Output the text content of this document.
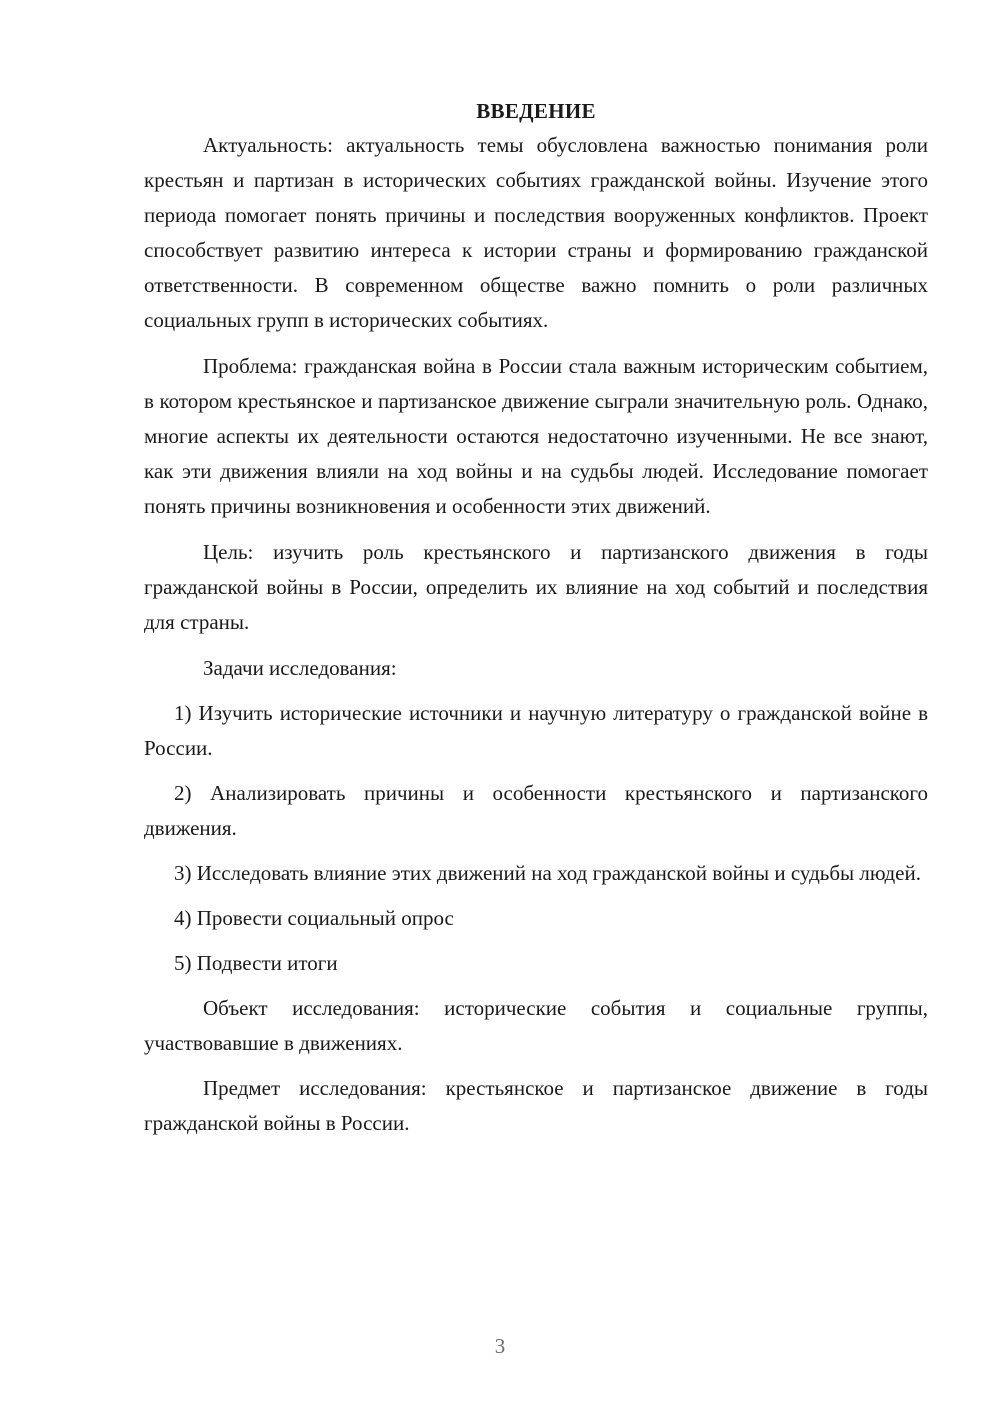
ВВЕДЕНИЕ

Актуальность: актуальность темы обусловлена важностью понимания роли крестьян и партизан в исторических событиях гражданской войны. Изучение этого периода помогает понять причины и последствия вооруженных конфликтов. Проект способствует развитию интереса к истории страны и формированию гражданской ответственности. В современном обществе важно помнить о роли различных социальных групп в исторических событиях.

Проблема: гражданская война в России стала важным историческим событием, в котором крестьянское и партизанское движение сыграли значительную роль. Однако, многие аспекты их деятельности остаются недостаточно изученными. Не все знают, как эти движения влияли на ход войны и на судьбы людей. Исследование помогает понять причины возникновения и особенности этих движений.

Цель: изучить роль крестьянского и партизанского движения в годы гражданской войны в России, определить их влияние на ход событий и последствия для страны.

Задачи исследования:

1) Изучить исторические источники и научную литературу о гражданской войне в России.

2) Анализировать причины и особенности крестьянского и партизанского движения.

3) Исследовать влияние этих движений на ход гражданской войны и судьбы людей.

4) Провести социальный опрос

5) Подвести итоги

Объект исследования: исторические события и социальные группы, участвовавшие в движениях.

Предмет исследования: крестьянское и партизанское движение в годы гражданской войны в России.

3
